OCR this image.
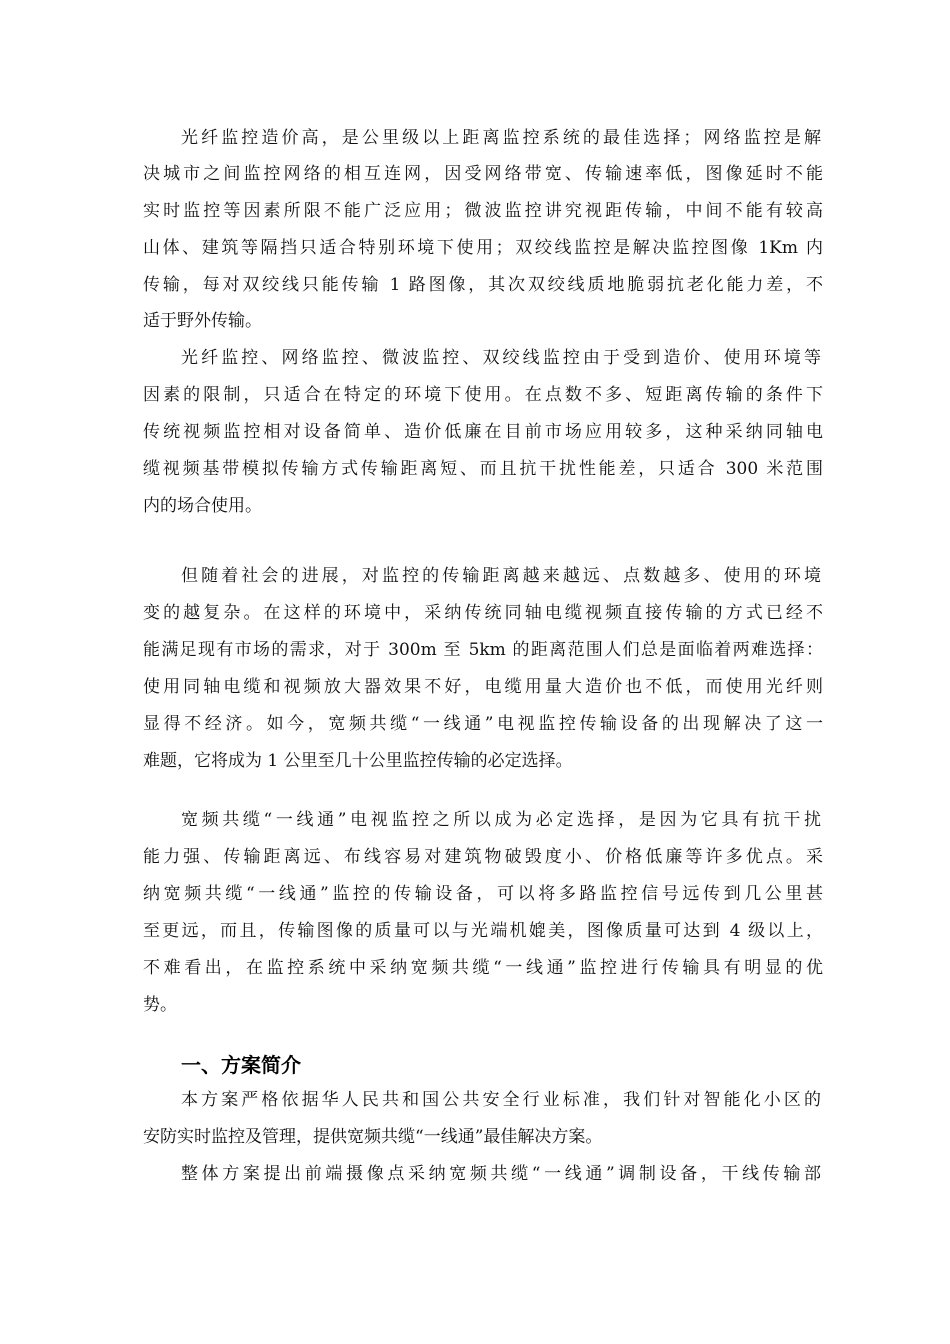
光纤监控造价高，是公里级以上距离监控系统的最佳选择；网络监控是解
决城市之间监控网络的相互连网，因受网络带宽、传输速率低，图像延时不能
实时监控等因素所限不能广泛应用；微波监控讲究视距传输，中间不能有较高
山体、建筑等隔挡只适合特别环境下使用；双绞线监控是解决监控图像 1Km 内
传输，每对双绞线只能传输 1 路图像，其次双绞线质地脆弱抗老化能力差，不
适于野外传输。
光纤监控、网络监控、微波监控、双绞线监控由于受到造价、使用环境等
因素的限制，只适合在特定的环境下使用。在点数不多、短距离传输的条件下
传统视频监控相对设备简单、造价低廉在目前市场应用较多，这种采纳同轴电
缆视频基带模拟传输方式传输距离短、而且抗干扰性能差，只适合 300 米范围
内的场合使用。
但随着社会的进展，对监控的传输距离越来越远、点数越多、使用的环境
变的越复杂。在这样的环境中，采纳传统同轴电缆视频直接传输的方式已经不
能满足现有市场的需求，对于 300m 至 5km 的距离范围人们总是面临着两难选择：
使用同轴电缆和视频放大器效果不好，电缆用量大造价也不低，而使用光纤则
显得不经济。如今，宽频共缆“一线通”电视监控传输设备的出现解决了这一
难题，它将成为 1 公里至几十公里监控传输的必定选择。
宽频共缆“一线通”电视监控之所以成为必定选择，是因为它具有抗干扰
能力强、传输距离远、布线容易对建筑物破毁度小、价格低廉等许多优点。采
纳宽频共缆“一线通”监控的传输设备，可以将多路监控信号远传到几公里甚
至更远，而且，传输图像的质量可以与光端机媲美，图像质量可达到 4 级以上，
不难看出，在监控系统中采纳宽频共缆“一线通”监控进行传输具有明显的优
势。
一、方案简介
本方案严格依据华人民共和国公共安全行业标准，我们针对智能化小区的
安防实时监控及管理，提供宽频共缆“一线通”最佳解决方案。
整体方案提出前端摄像点采纳宽频共缆“一线通”调制设备，干线传输部
